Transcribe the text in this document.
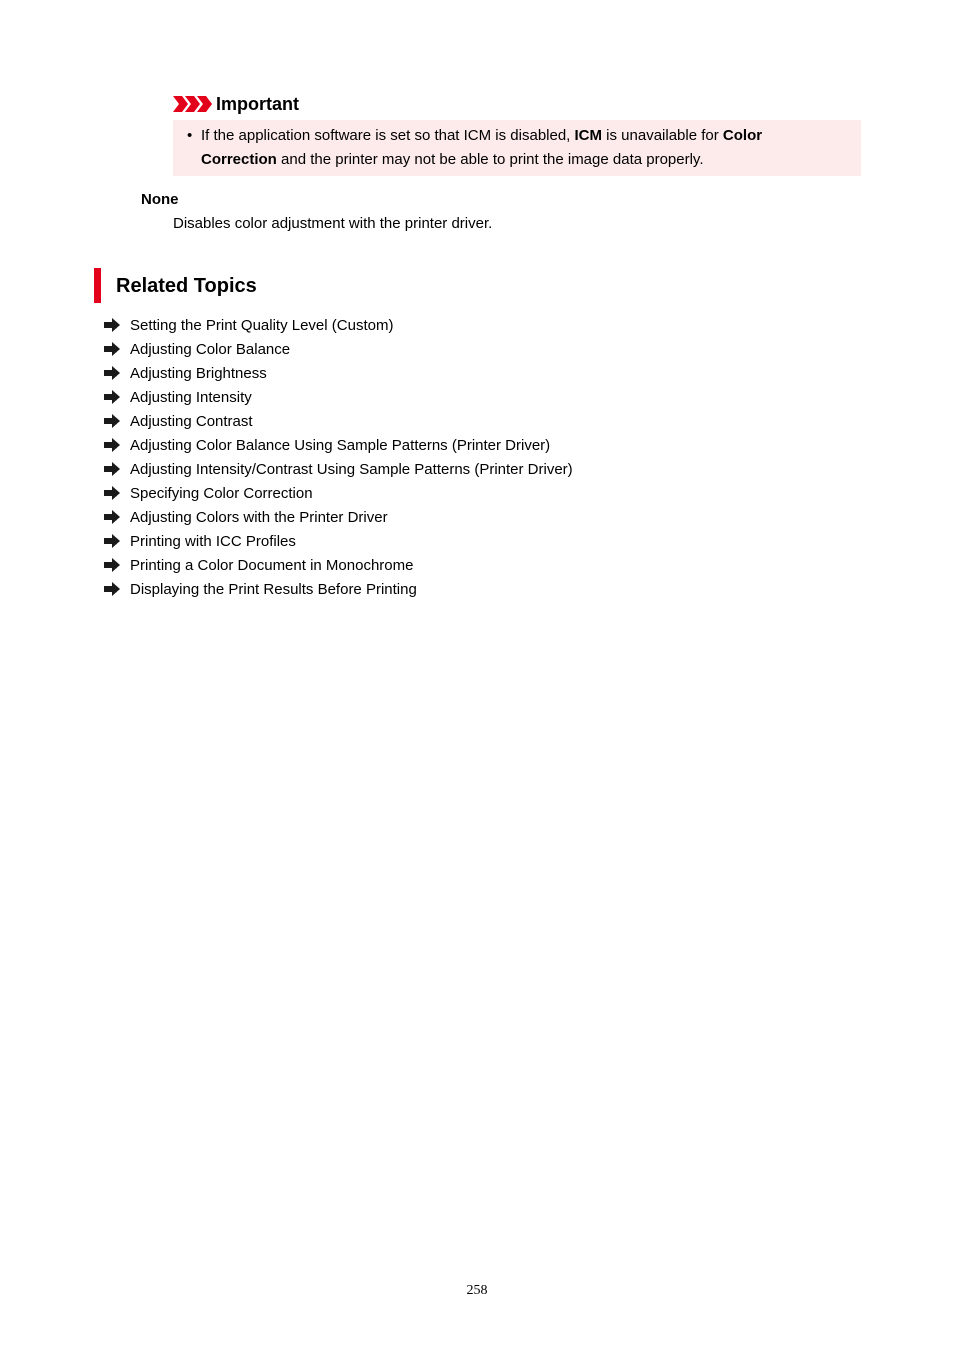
Important
• If the application software is set so that ICM is disabled, ICM is unavailable for Color Correction and the printer may not be able to print the image data properly.
None
Disables color adjustment with the printer driver.
Related Topics
Setting the Print Quality Level (Custom)
Adjusting Color Balance
Adjusting Brightness
Adjusting Intensity
Adjusting Contrast
Adjusting Color Balance Using Sample Patterns (Printer Driver)
Adjusting Intensity/Contrast Using Sample Patterns (Printer Driver)
Specifying Color Correction
Adjusting Colors with the Printer Driver
Printing with ICC Profiles
Printing a Color Document in Monochrome
Displaying the Print Results Before Printing
258
